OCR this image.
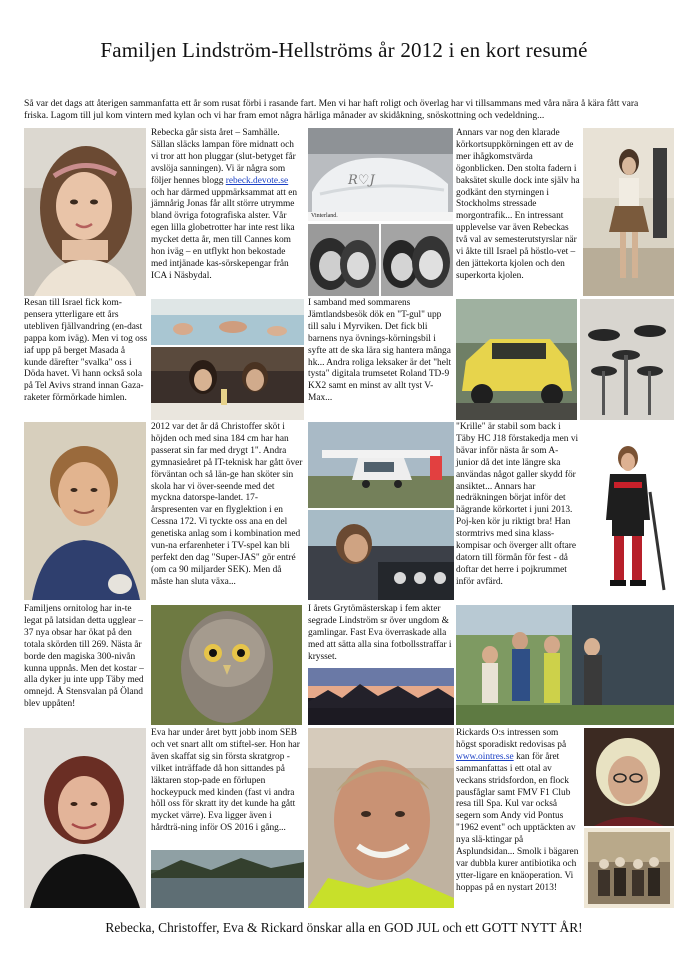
Familjen Lindström-Hellströms år 2012 i en kort resumé
Så var det dags att återigen sammanfatta ett år som rusat förbi i rasande fart. Men vi har haft roligt och överlag har vi tillsammans med våra nära å kära fått vara friska. Lagom till jul kom vintern med kylan och vi har fram emot några härliga månader av skidåkning, snöskottning och vedeldning...

Rebecka går sista året – Samhälle. Sällan släcks lampan före midnatt och vi tror att hon pluggar (slut-betyget får avslöja sanningen). Vi är några som följer hennes blogg rebeck.devote.se och har därmed uppmärksammat att en jämnårig Jonas får allt större utrymme bland övriga fotografiska alster. Vår egen lilla globetrotter har inte rest lika mycket detta år, men till Cannes kom hon iväg – en utflykt hon bekostade med intjänade kas-sörskepengar från ICA i Näsbydal.

R♡J
Vinterland.

Annars var nog den klarade körkortsuppkörningen ett av de mer ihågkomstvärda ögonblicken. Den stolta fadern i baksätet skulle dock inte själv ha godkänt den styrningen i Stockholms stressade morgontrafik... En intressant upplevelse var även Rebeckas två val av semesterutstyrslar när vi åkte till Israel på höstlo-vet – den jättekorta kjolen och den superkorta kjolen.

Resan till Israel fick kom-pensera ytterligare ett års utebliven fjällvandring (en-dast pappa kom iväg). Men vi tog oss iaf upp på berget Masada å kunde därefter "svalka" oss i Döda havet. Vi hann också sola på Tel Avivs strand innan Gaza-raketer förmörkade himlen.

I samband med sommarens Jämtlandsbesök dök en "T-gul" upp till salu i Myrviken. Det fick bli barnens nya övnings-körningsbil i syfte att de ska lära sig hantera många hk... Andra roliga leksaker är det "helt tysta" digitala trumsetet Roland TD-9 KX2 samt en minst av allt tyst V-Max...

2012 var det år då Christoffer sköt i höjden och med sina 184 cm har han passerat sin far med drygt 1". Andra gymnasieåret på IT-teknisk har gått över förväntan och så län-ge han sköter sin skola har vi över-seende med det myckna datorspe-landet. 17-årspresenten var en flyglektion i en Cessna 172. Vi tyckte oss ana en del genetiska anlag som i kombination med vun-na erfarenheter i TV-spel kan bli perfekt den dag "Super-JAS" gör entré (om ca 90 miljarder SEK). Men då måste han sluta växa...

"Krille" är stabil som back i Täby HC J18 förstakedja men vi bävar inför nästa år som A-junior då det inte längre ska användas något galler skydd för ansiktet... Annars har nedräkningen börjat inför det hägrande körkortet i juni 2013. Poj-ken kör ju riktigt bra! Han stormtrivs med sina klass-kompisar och överger allt oftare datorn till förmån för fest - då doftar det herre i pojkrummet inför avfärd.

Familjens ornitolog har in-te legat på latsidan detta ugglear – 37 nya obsar har ökat på den totala skörden till 269. Nästa år borde den magiska 300-nivån kunna uppnås. Men det kostar – alla dyker ju inte upp Täby med omnejd. Å Stensvalan på Öland blev uppåten!

I årets Grytömästerskap i fem akter segrade Lindström sr över ungdom & gamlingar. Fast Eva överraskade alla med att sätta alla sina fotbollsstraffar i krysset.

Eva har under året bytt jobb inom SEB och vet snart allt om stiftel-ser. Hon har även skaffat sig sin första skratgrop - vilket inträffade då hon sittandes på läktaren stop-pade en förlupen hockeypuck med kinden (fast vi andra höll oss för skratt ity det kunde ha gått mycket värre). Eva ligger även i hårdträ-ning inför OS 2016 i gång...

Rickards O:s intressen som högst sporadiskt redovisas på www.ointres.se kan för året sammanfattas i ett otal av veckans stridsfordon, en flock pausfåglar samt FMV F1 Club resa till Spa. Kul var också segern som Andy vid Pontus "1962 event" och upptäckten av nya slä-ktingar på Asplundsidan... Smolk i bägaren var dubbla kurer antibiotika och ytter-ligare en knäoperation. Vi hoppas på en nystart 2013!

Rebecka, Christoffer, Eva & Rickard önskar alla en GOD JUL och ett GOTT NYTT ÅR!
